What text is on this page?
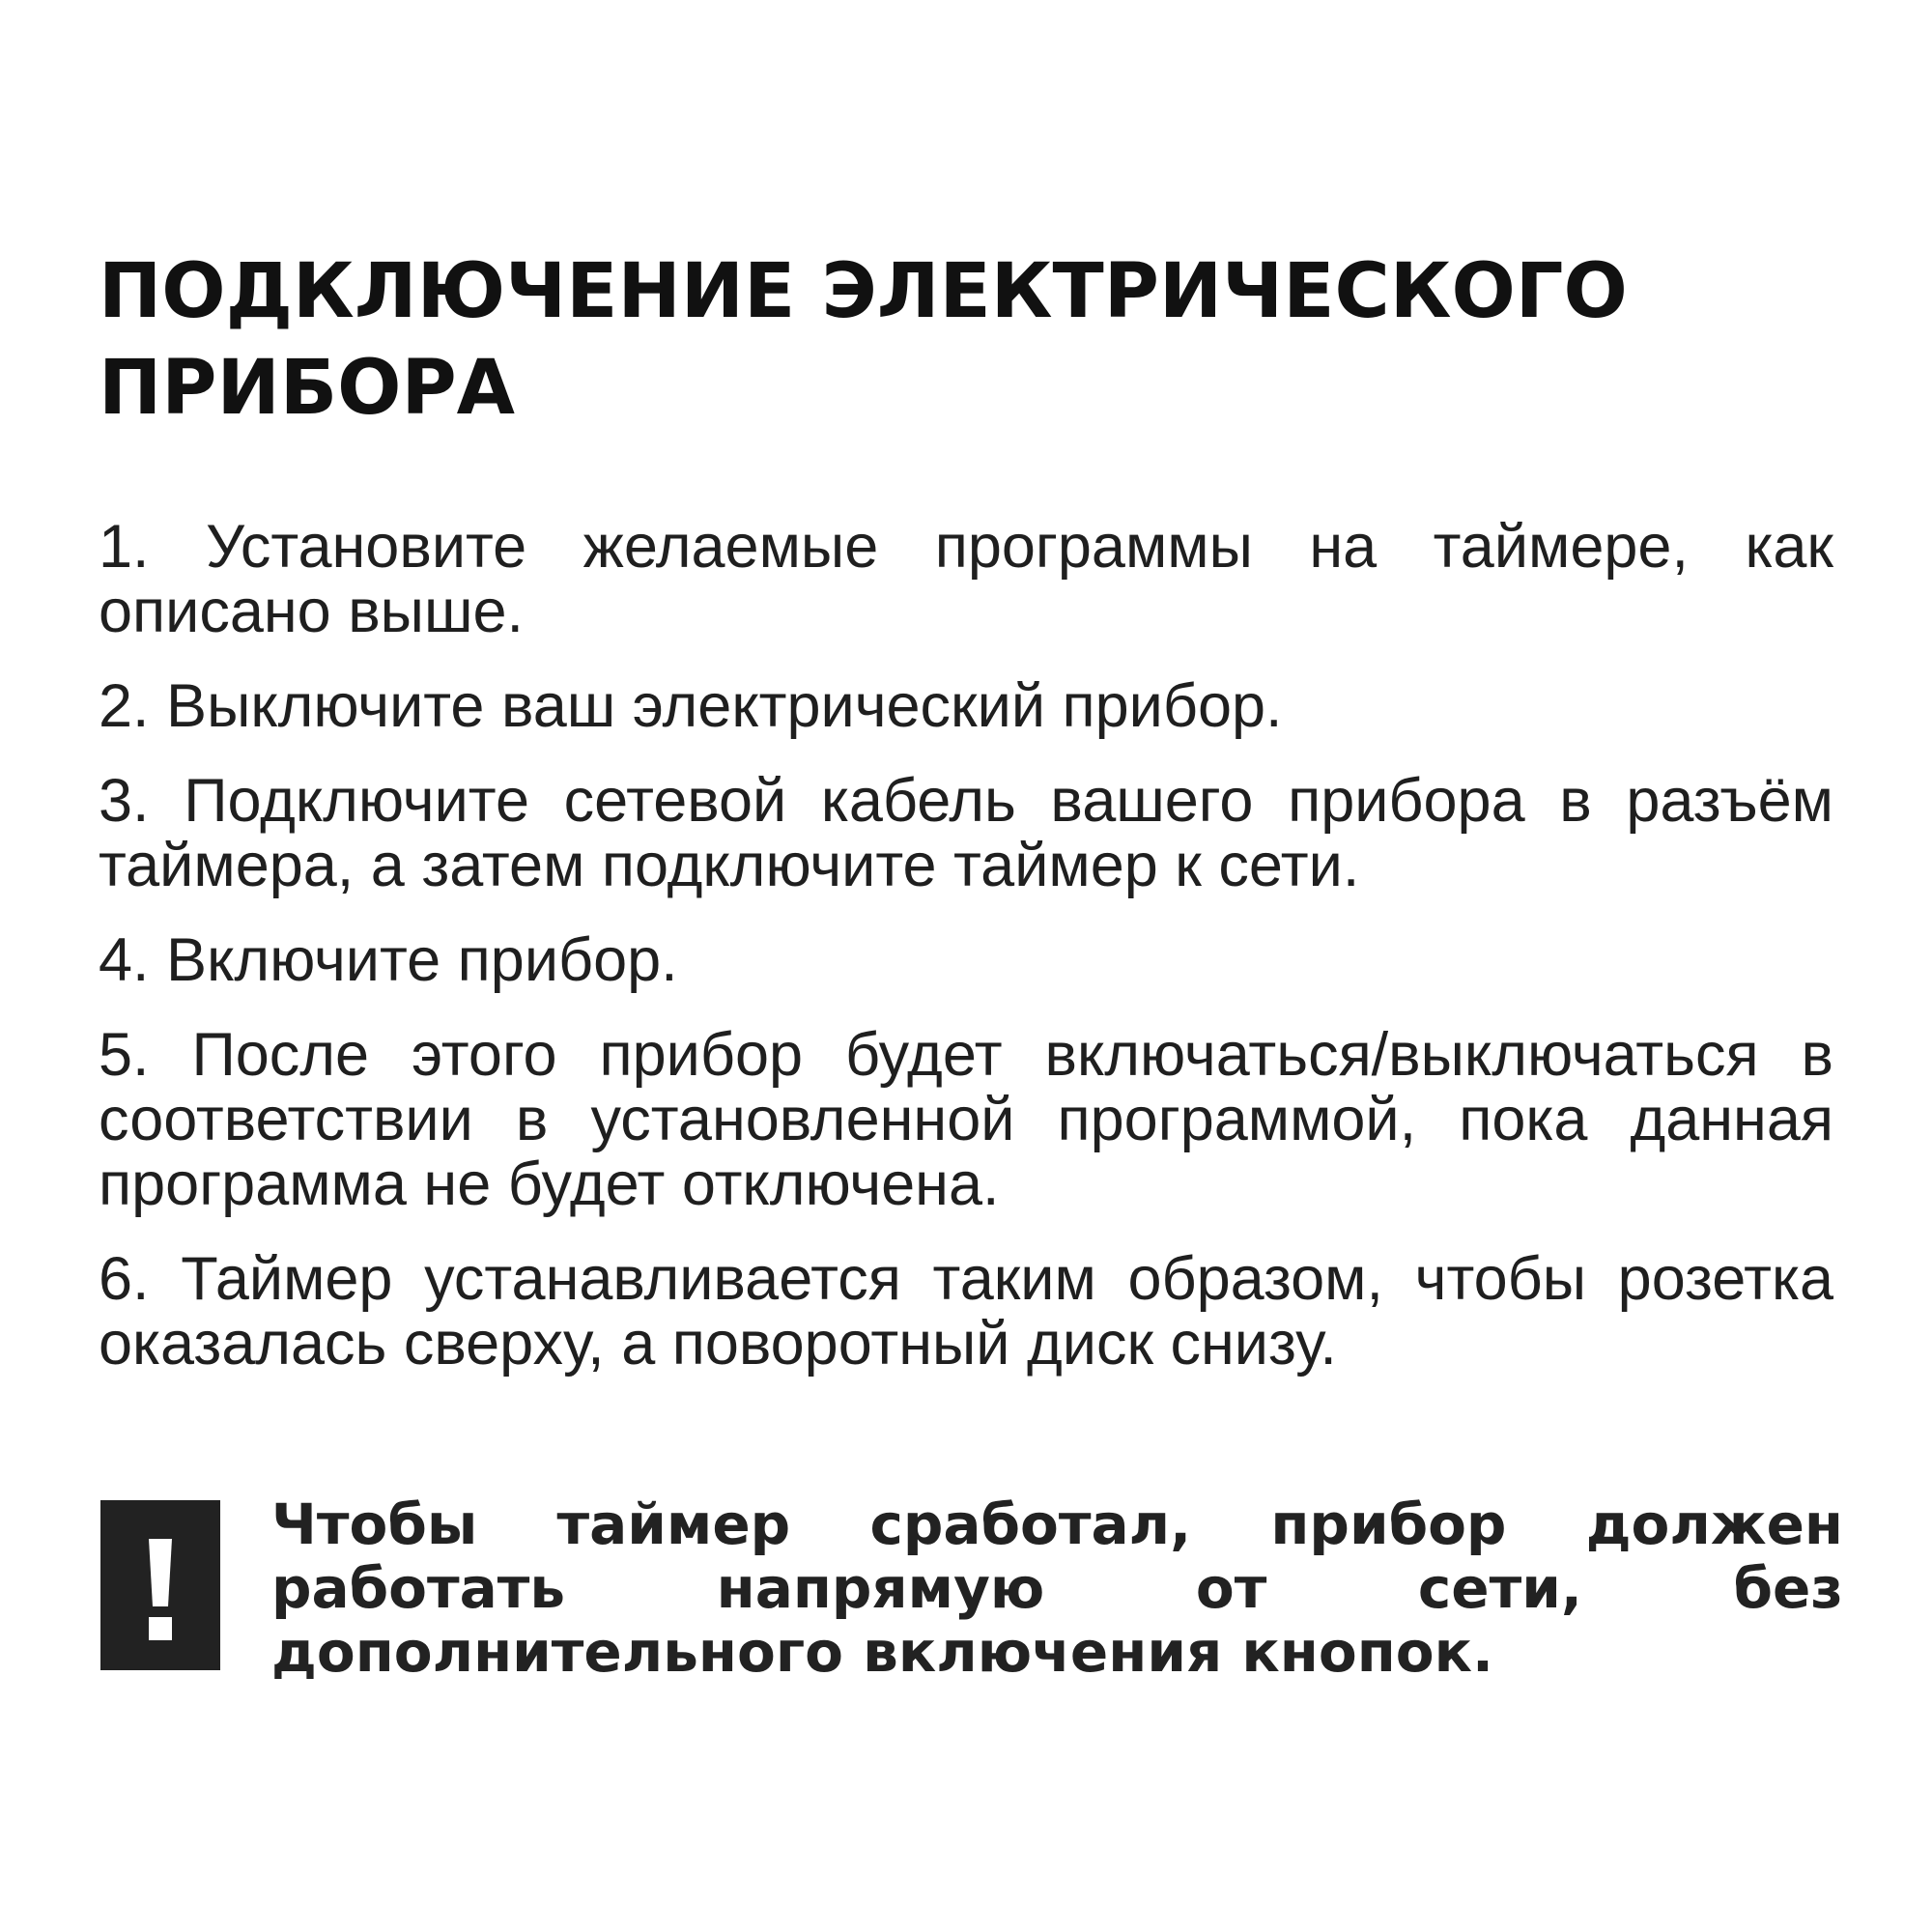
ПОДКЛЮЧЕНИЕ ЭЛЕКТРИЧЕСКОГО ПРИБОРА
1. Установите желаемые программы на таймере, как описано выше.
2. Выключите ваш электрический прибор.
3. Подключите сетевой кабель вашего прибора в разъём таймера, а затем подключите таймер к сети.
4. Включите прибор.
5. После этого прибор будет включаться/выключаться в соответствии в установленной программой, пока данная программа не будет отключена.
6. Таймер устанавливается таким образом, чтобы розетка оказалась сверху, а поворотный диск снизу.

Чтобы таймер сработал, прибор должен работать напрямую от сети, без дополнительного включения кнопок.
